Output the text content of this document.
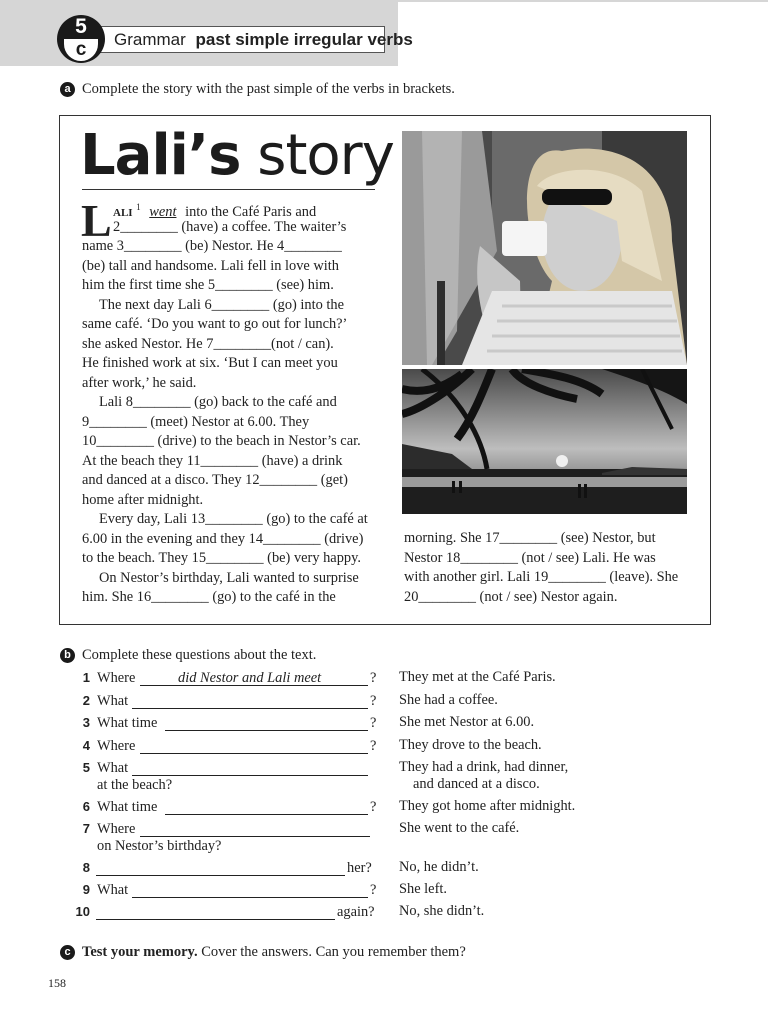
Grammar past simple irregular verbs
5
c
a Complete the story with the past simple of the verbs in brackets.
Lali’s story
L ALI $^1$ went into the Café Paris and
2________ (have) a coffee. The waiter’s
name 3________ (be) Nestor. He 4________
(be) tall and handsome. Lali fell in love with
him the first time she 5________ (see) him.
The next day Lali 6________ (go) into the
same café. ‘Do you want to go out for lunch?’
she asked Nestor. He 7________(not / can).
He finished work at six. ‘But I can meet you
after work,’ he said.
Lali 8________ (go) back to the café and
9________ (meet) Nestor at 6.00. They
10________ (drive) to the beach in Nestor’s car.
At the beach they 11________ (have) a drink
and danced at a disco. They 12________ (get)
home after midnight.
Every day, Lali 13________ (go) to the café at
6.00 in the evening and they 14________ (drive)
to the beach. They 15________ (be) very happy.
On Nestor’s birthday, Lali wanted to surprise
him. She 16________ (go) to the café in the
morning. She 17________ (see) Nestor, but
Nestor 18________ (not / see) Lali. He was
with another girl. Lali 19________ (leave). She
20________ (not / see) Nestor again.
b Complete these questions about the text.
1 Where	did Nestor and Lali meet	? They met at the Café Paris.
2 What	? She had a coffee.
3 What time	? She met Nestor at 6.00.
4 Where	? They drove to the beach.
5 What
at the beach?
They had a drink, had dinner,
and danced at a disco.
6 What time	? They got home after midnight.
7 Where
on Nestor’s birthday?
She went to the café.
8	her? No, he didn’t.
9 What	? She left.
10	again? No, she didn’t.
c Test your memory. Cover the answers. Can you remember them?
158
